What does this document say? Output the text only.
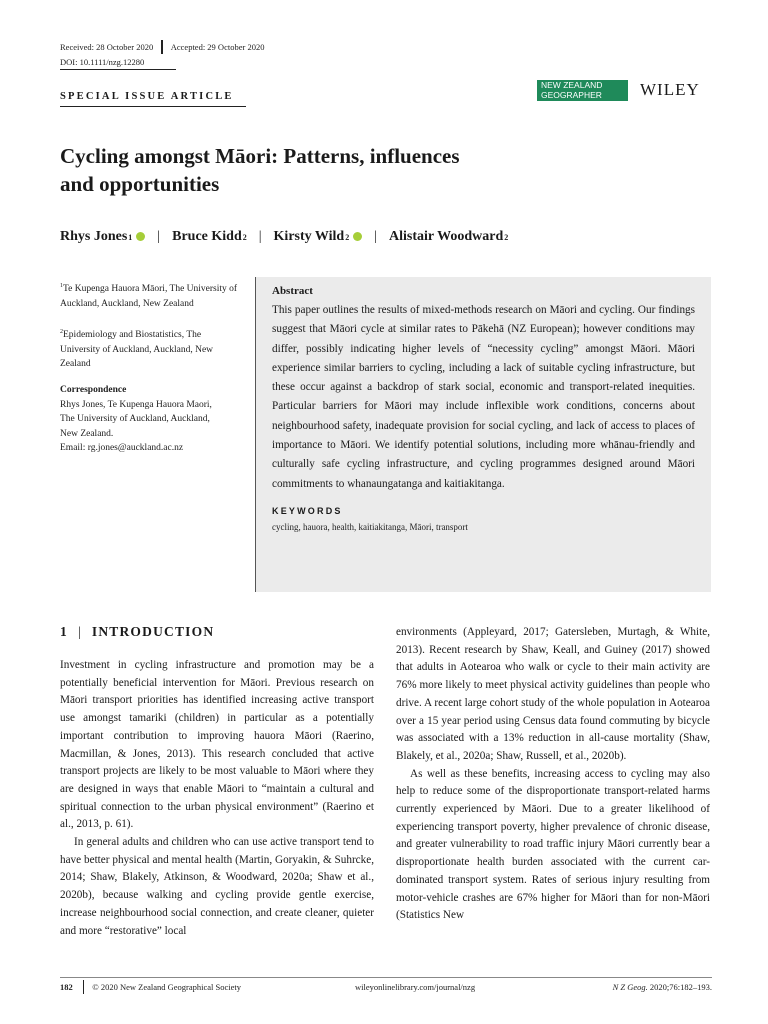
Received: 28 October 2020 Accepted: 29 October 2020
DOI: 10.1111/nzg.12280
SPECIAL ISSUE ARTICLE
NEW ZEALAND
GEOGRAPHER	WILEY
Cycling amongst Māori: Patterns, influences
and opportunities
Rhys Jones 1 | Bruce Kidd 2 | Kirsty Wild 2 | Alistair Woodward 2
$^1$Te Kupenga Hauora Māori, The University of Auckland, Auckland, New Zealand
$^2$Epidemiology and Biostatistics, The University of Auckland, Auckland, New Zealand
Correspondence
Rhys Jones, Te Kupenga Hauora Maori,
The University of Auckland, Auckland,
New Zealand.
Email: rg.jones@auckland.ac.nz
Abstract

This paper outlines the results of mixed-methods research on Māori and cycling. Our findings suggest that Māori cycle at similar rates to Pākehā (NZ European); however conditions may differ, possibly indicating higher levels of “necessity cycling” amongst Māori. Māori experience similar barriers to cycling, including a lack of suitable cycling infrastructure, but these occur against a backdrop of stark social, economic and transport-related inequities. Particular barriers for Māori may include inflexible work conditions, concerns about neighbourhood safety, inadequate provision for social cycling, and lack of access to places of importance to Māori. We identify potential solutions, including more whānau-friendly and culturally safe cycling infrastructure, and cycling programmes designed around Māori commitments to whanaungatanga and kaitiakitanga.

KEYWORDS
cycling, hauora, health, kaitiakitanga, Māori, transport
1 | INTRODUCTION

Investment in cycling infrastructure and promotion may be a potentially beneficial intervention for Māori. Previous research on Māori transport priorities has identified increasing active transport use amongst tamariki (children) in particular as a potentially important contribution to improving hauora Māori (Raerino, Macmillan, & Jones, 2013). This research concluded that active transport projects are likely to be most valuable to Māori where they are designed in ways that enable Māori to “maintain a cultural and spiritual connection to the urban physical environment” (Raerino et al., 2013, p. 61).

In general adults and children who can use active transport tend to have better physical and mental health (Martin, Goryakin, & Suhrcke, 2014; Shaw, Blakely, Atkinson, & Woodward, 2020a; Shaw et al., 2020b), because walking and cycling provide gentle exercise, increase neighbourhood social connection, and create cleaner, quieter and more “restorative” local

environments (Appleyard, 2017; Gatersleben, Murtagh, & White, 2013). Recent research by Shaw, Keall, and Guiney (2017) showed that adults in Aotearoa who walk or cycle to their main activity are 76% more likely to meet physical activity guidelines than people who drive. A recent large cohort study of the whole population in Aotearoa over a 15 year period using Census data found commuting by bicycle was associated with a 13% reduction in all-cause mortality (Shaw, Blakely, et al., 2020a; Shaw, Russell, et al., 2020b).

As well as these benefits, increasing access to cycling may also help to reduce some of the disproportionate transport-related harms currently experienced by Māori. Due to a greater likelihood of experiencing transport poverty, higher prevalence of chronic disease, and greater vulnerability to road traffic injury Māori currently bear a disproportionate health burden associated with the current car-dominated transport system. Rates of serious injury resulting from motor-vehicle crashes are 67% higher for Māori than for non-Māori (Statistics New

182 © 2020 New Zealand Geographical Society	wileyonlinelibrary.com/journal/nzg	N Z Geog. 2020;76:182–193.
